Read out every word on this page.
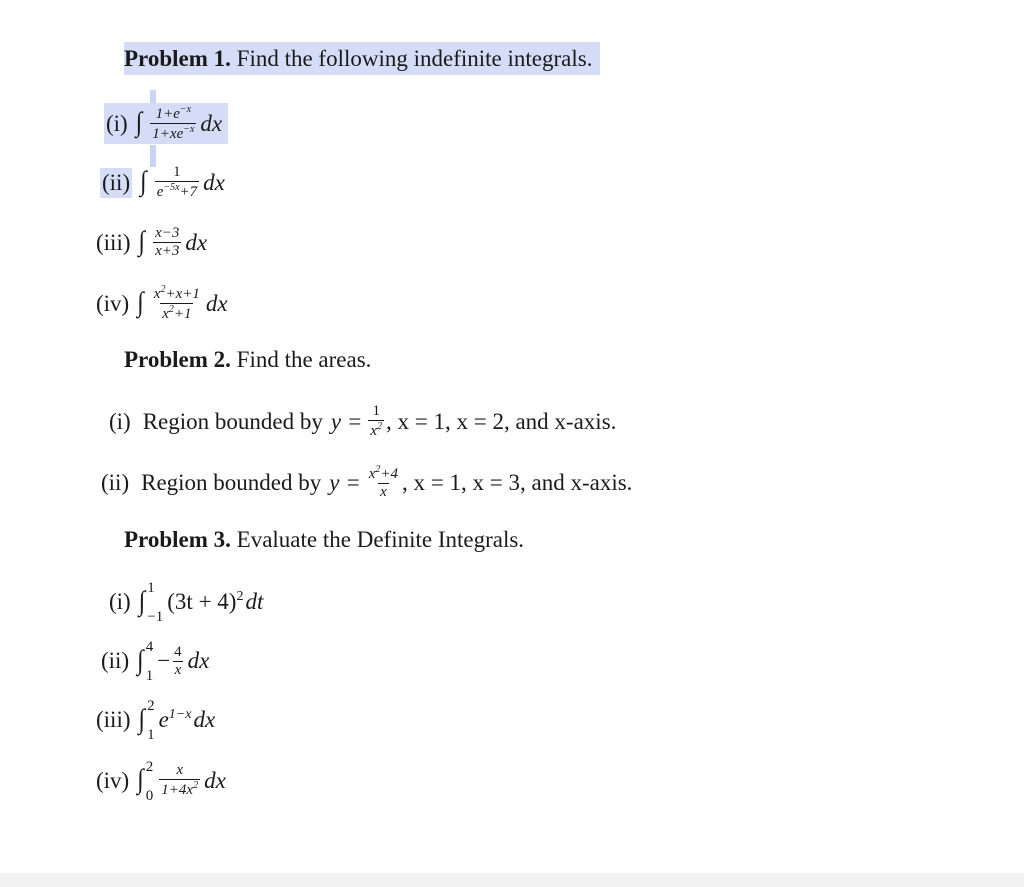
Problem 1. Find the following indefinite integrals.
(i) ∫ $\frac{1+e^{-x}}{1+xe^{-x}}$ dx
(ii) ∫ $\frac{1}{e^{-5x}+7}$ dx
(iii) ∫ $\frac{x-3}{x+3}$ dx
(iv) ∫ $\frac{x^2+x+1}{x^2+1}$ dx
Problem 2. Find the areas.
(i) Region bounded by $y = \frac{1}{x^2}$ , x = 1, x = 2, and x-axis.
(ii) Region bounded by $y = \frac{x^2+4}{x}$ , x = 1, x = 3, and x-axis.
Problem 3. Evaluate the Definite Integrals.
(i) ∫ 1
−1
$(3t + 4)^2$ dt
(ii) ∫ 4
1
− $\frac{4}{x}$ dx
(iii) ∫ 2
1
$e^{1-x}$ dx
(iv) ∫ 2
$0 \frac{x}{1+4x^2}$ dx
